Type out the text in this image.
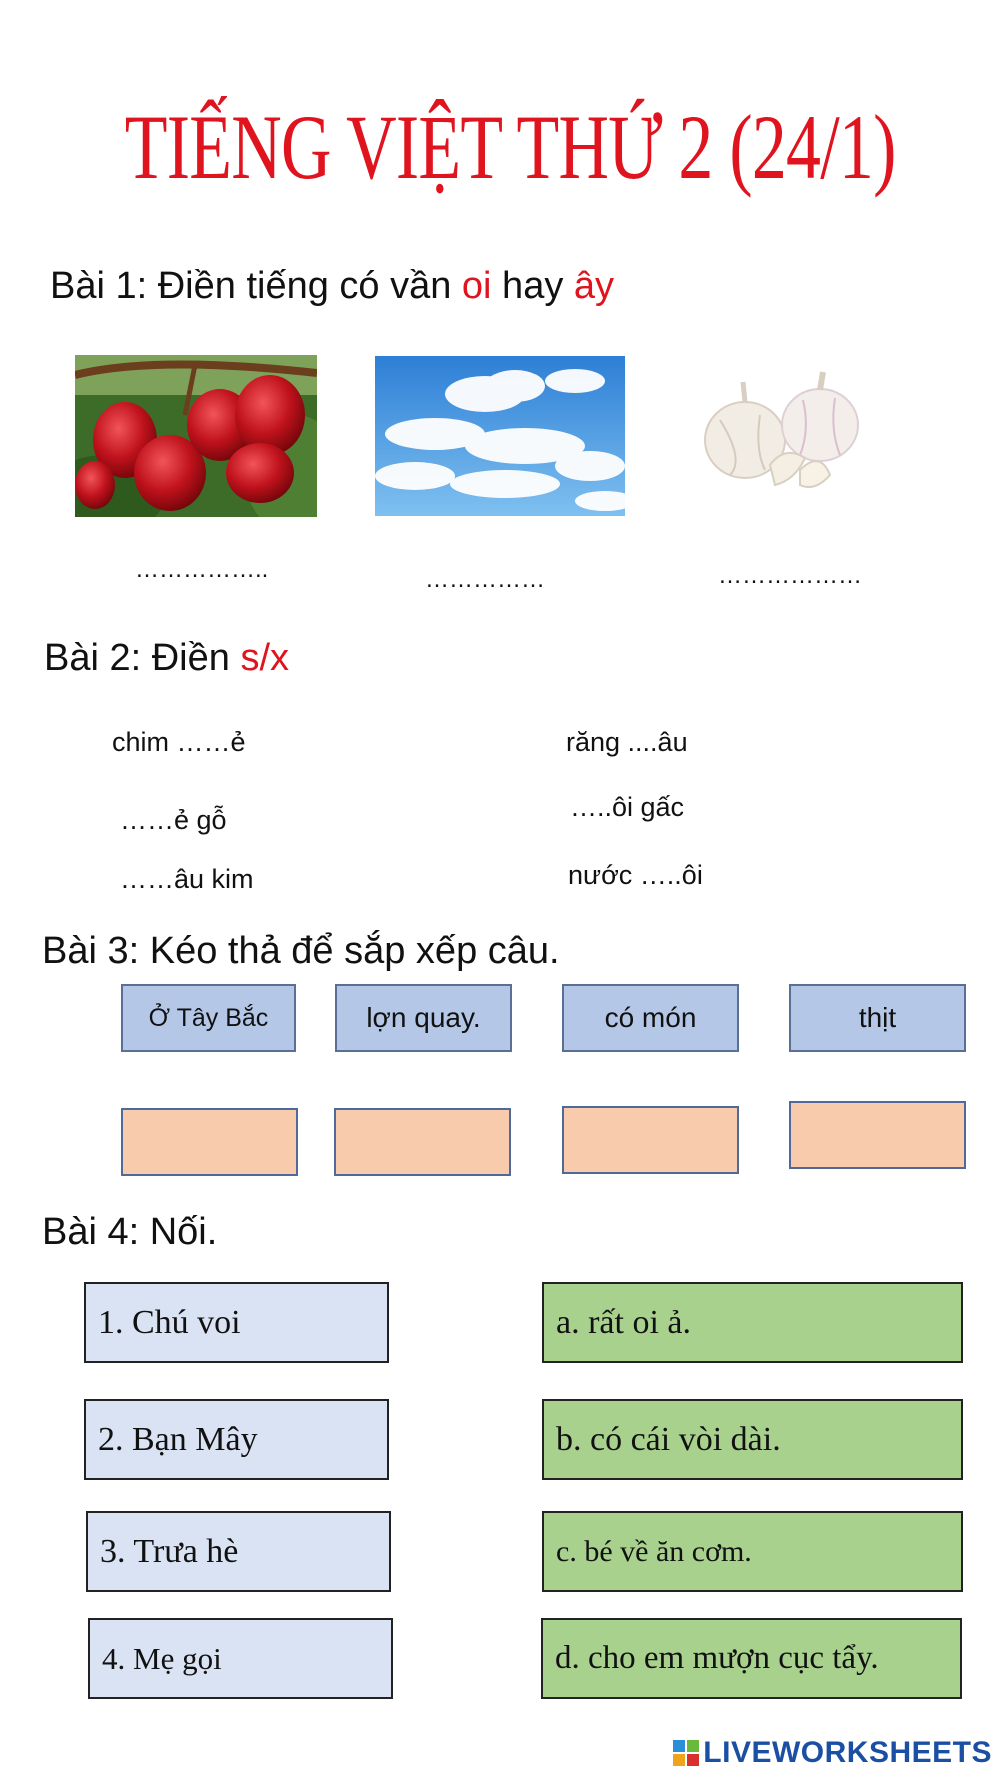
TIẾNG VIỆT THỨ 2 (24/1)
Bài 1: Điền tiếng có vần oi hay ây
……………..	……………	………………
Bài 2: Điền s/x
chim ……ẻ
……ẻ gỗ
……âu kim
răng ....âu
…..ôi gấc
nước …..ôi
Bài 3: Kéo thả để sắp xếp câu.
Ở Tây Bắc	lợn quay.	có món	thịt
Bài 4: Nối.
1. Chú voi
2. Bạn Mây
3. Trưa hè
4. Mẹ gọi
a. rất oi ả.
b. có cái vòi dài.
c. bé về ăn cơm.
d. cho em mượn cục tẩy.
LIVEWORKSHEETS
